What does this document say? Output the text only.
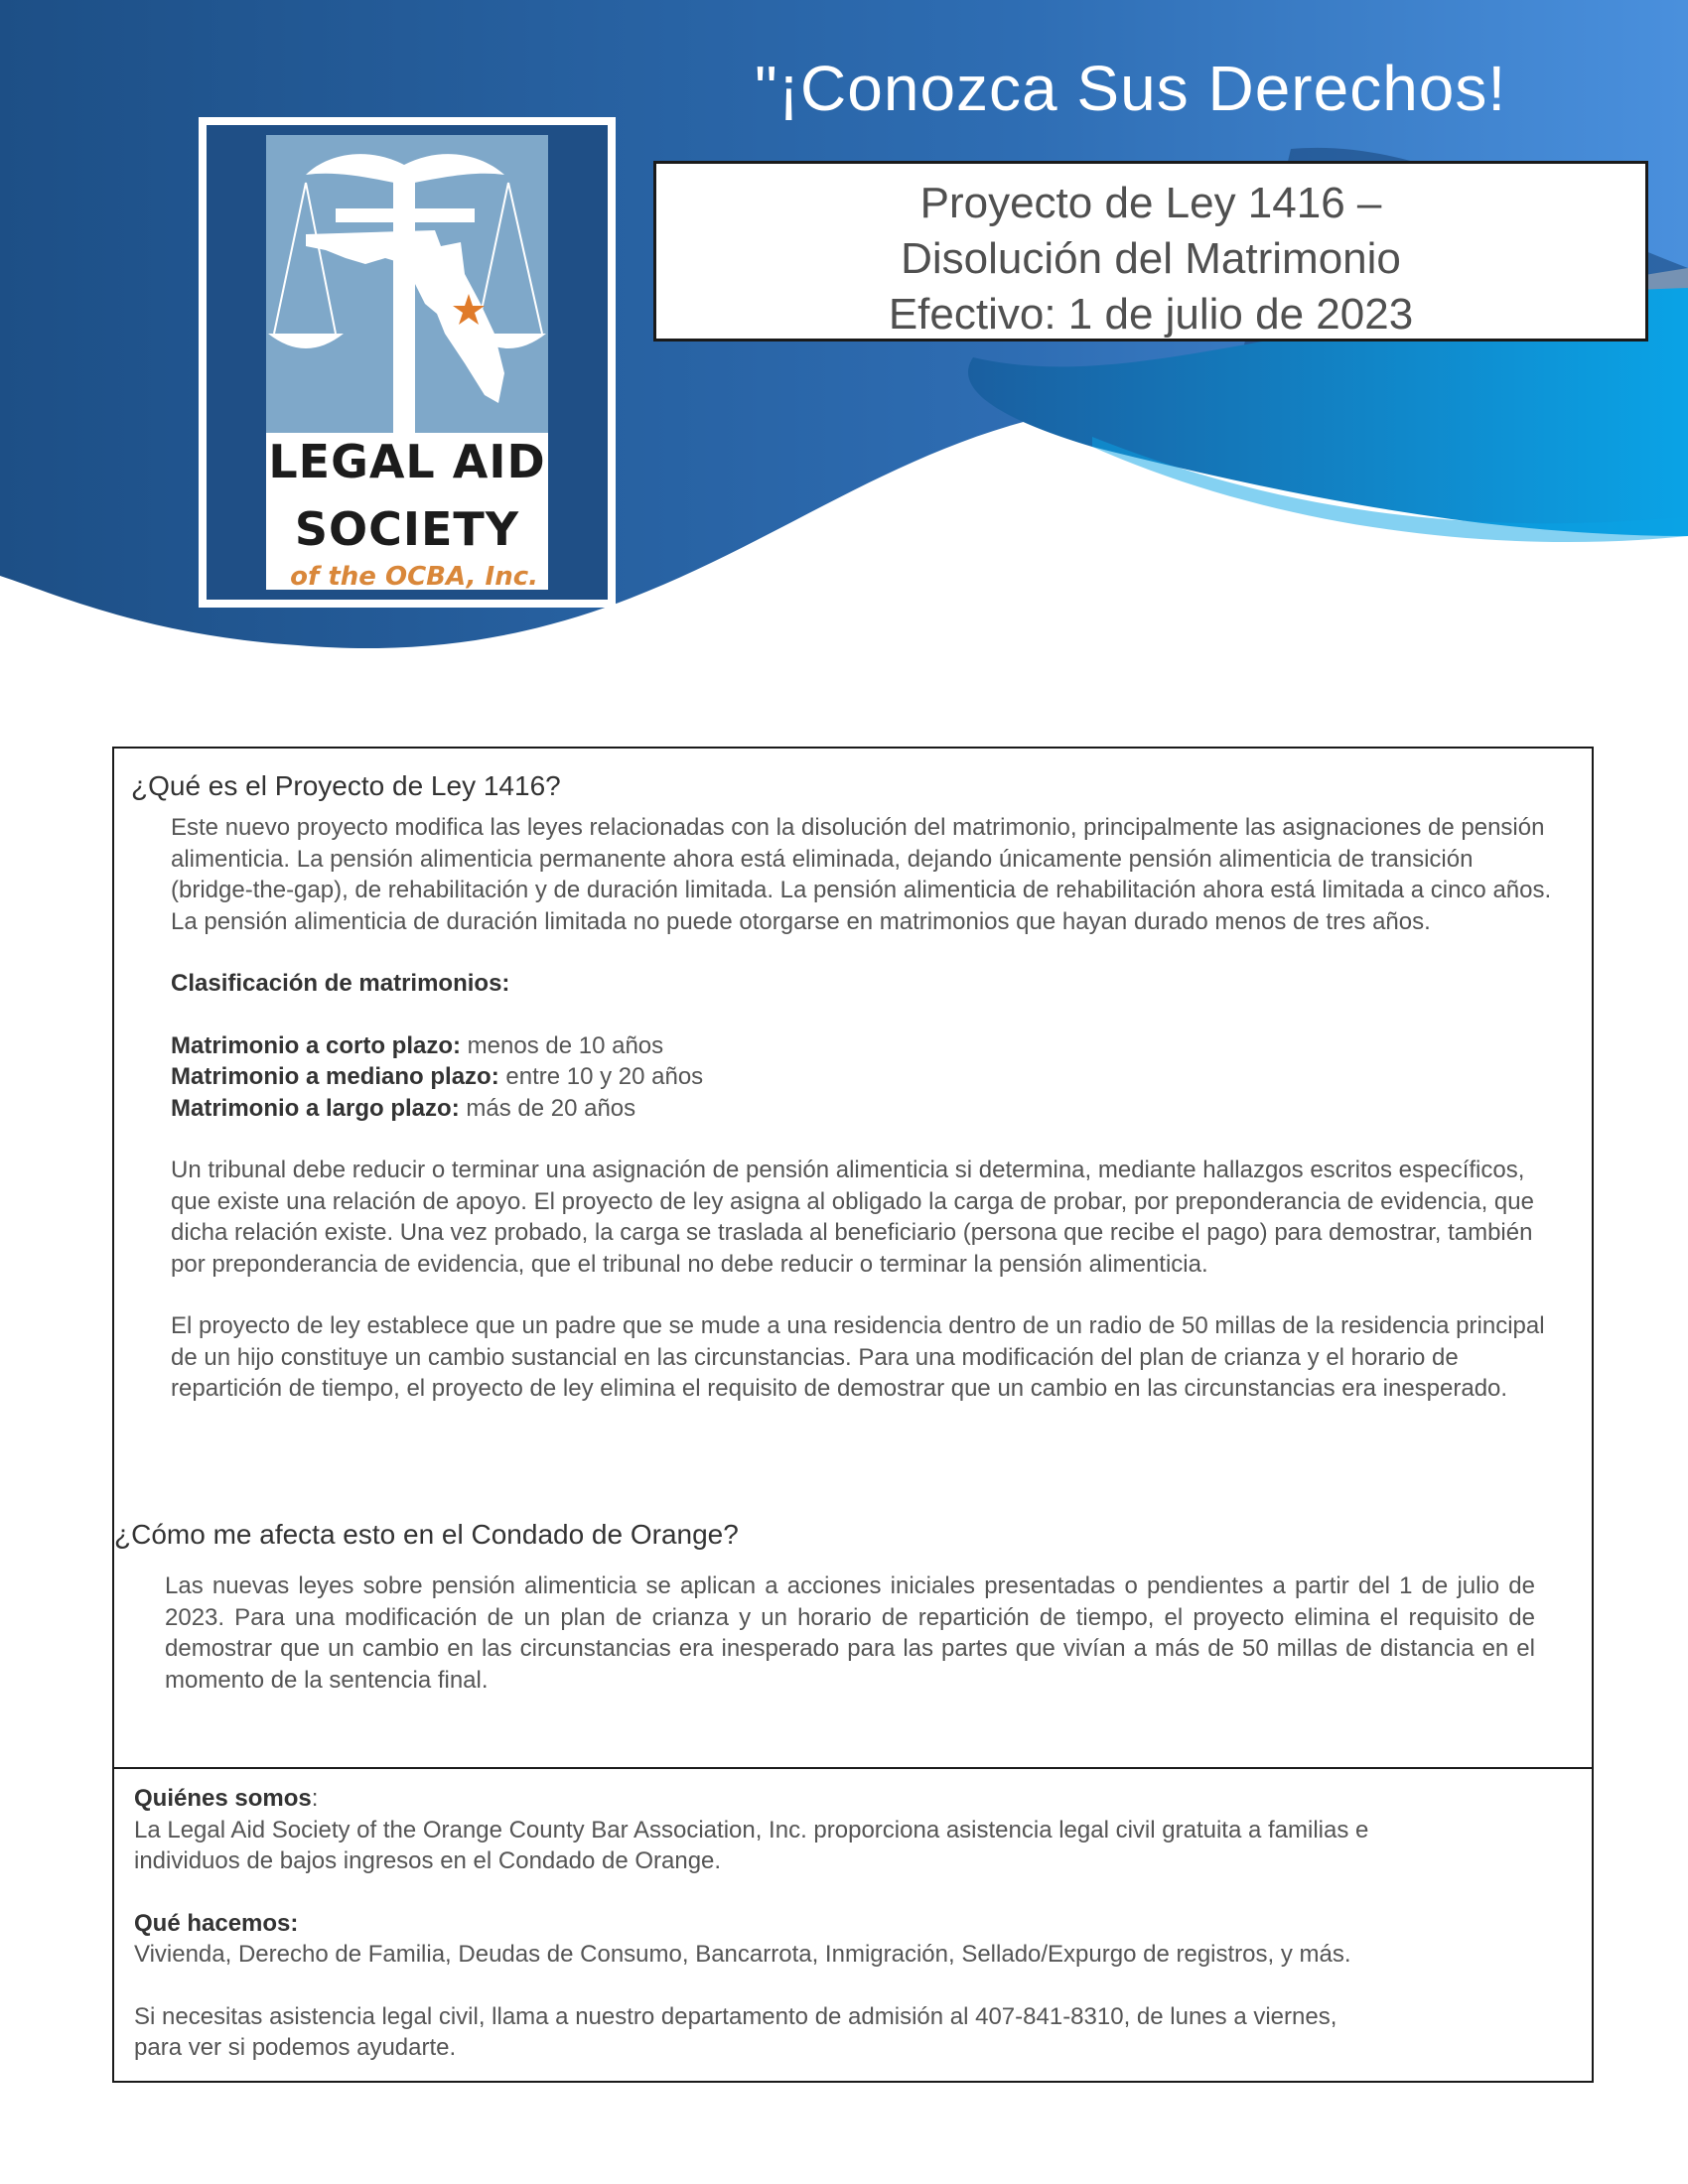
"¡Conozca Sus Derechos!
LEGAL AID
SOCIETY
of the OCBA, Inc.
Proyecto de Ley 1416 –
Disolución del Matrimonio
Efectivo: 1 de julio de 2023
¿Qué es el Proyecto de Ley 1416?
Este nuevo proyecto modifica las leyes relacionadas con la disolución del matrimonio, principalmente las asignaciones de pensión alimenticia. La pensión alimenticia permanente ahora está eliminada, dejando únicamente pensión alimenticia de transición (bridge-the-gap), de rehabilitación y de duración limitada. La pensión alimenticia de rehabilitación ahora está limitada a cinco años. La pensión alimenticia de duración limitada no puede otorgarse en matrimonios que hayan durado menos de tres años.
Clasificación de matrimonios:
Matrimonio a corto plazo: menos de 10 años
Matrimonio a mediano plazo: entre 10 y 20 años
Matrimonio a largo plazo: más de 20 años
Un tribunal debe reducir o terminar una asignación de pensión alimenticia si determina, mediante hallazgos escritos específicos, que existe una relación de apoyo. El proyecto de ley asigna al obligado la carga de probar, por preponderancia de evidencia, que dicha relación existe. Una vez probado, la carga se traslada al beneficiario (persona que recibe el pago) para demostrar, también por preponderancia de evidencia, que el tribunal no debe reducir o terminar la pensión alimenticia.
El proyecto de ley establece que un padre que se mude a una residencia dentro de un radio de 50 millas de la residencia principal de un hijo constituye un cambio sustancial en las circunstancias. Para una modificación del plan de crianza y el horario de repartición de tiempo, el proyecto de ley elimina el requisito de demostrar que un cambio en las circunstancias era inesperado.
¿Cómo me afecta esto en el Condado de Orange?
Las nuevas leyes sobre pensión alimenticia se aplican a acciones iniciales presentadas o pendientes a partir del 1 de julio de 2023. Para una modificación de un plan de crianza y un horario de repartición de tiempo, el proyecto elimina el requisito de demostrar que un cambio en las circunstancias era inesperado para las partes que vivían a más de 50 millas de distancia en el momento de la sentencia final.
Quiénes somos:
La Legal Aid Society of the Orange County Bar Association, Inc. proporciona asistencia legal civil gratuita a familias e individuos de bajos ingresos en el Condado de Orange.
Qué hacemos:
Vivienda, Derecho de Familia, Deudas de Consumo, Bancarrota, Inmigración, Sellado/Expurgo de registros, y más.
Si necesitas asistencia legal civil, llama a nuestro departamento de admisión al 407-841-8310, de lunes a viernes, para ver si podemos ayudarte.
